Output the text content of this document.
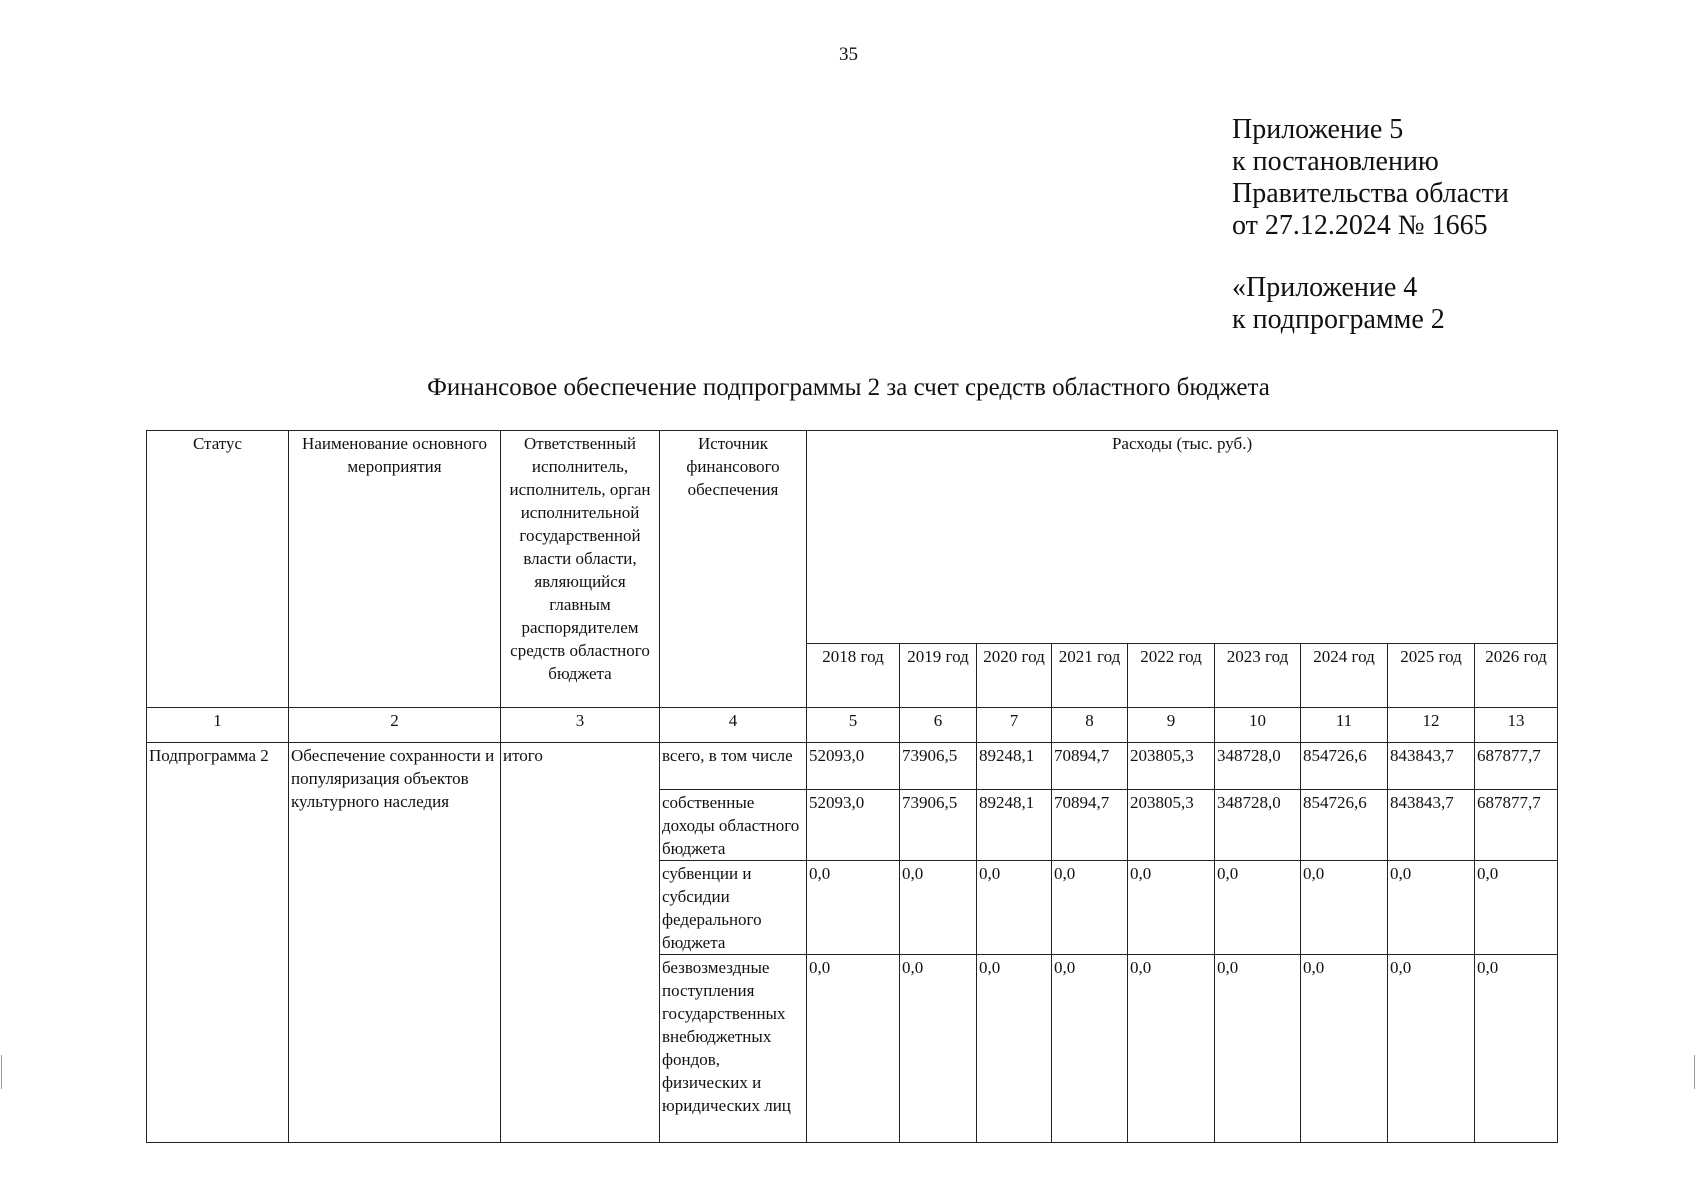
35
Приложение 5
к постановлению
Правительства области
от 27.12.2024 № 1665
«Приложение 4
к подпрограмме 2
Финансовое обеспечение подпрограммы 2 за счет средств областного бюджета
Статус	Наименование основного мероприятия	Ответственный исполнитель, исполнитель, орган исполнительной государственной власти области, являющийся главным распорядителем средств областного бюджета	Источник финансового обеспечения	Расходы (тыс. руб.)								
				2018 год	2019 год	2020 год	2021 год	2022 год	2023 год	2024 год	2025 год	2026 год
1	2	3	4	5	6	7	8	9	10	11	12	13
Подпрограмма 2	Обеспечение сохранности и популяризация объектов культурного наследия	итого	всего, в том числе	52093,0	73906,5	89248,1	70894,7	203805,3	348728,0	854726,6	843843,7	687877,7
			собственные доходы областного бюджета	52093,0	73906,5	89248,1	70894,7	203805,3	348728,0	854726,6	843843,7	687877,7
			субвенции и субсидии федерального бюджета	0,0	0,0	0,0	0,0	0,0	0,0	0,0	0,0	0,0
			безвозмездные поступления государственных внебюджетных фондов, физических и юридических лиц	0,0	0,0	0,0	0,0	0,0	0,0	0,0	0,0	0,0
